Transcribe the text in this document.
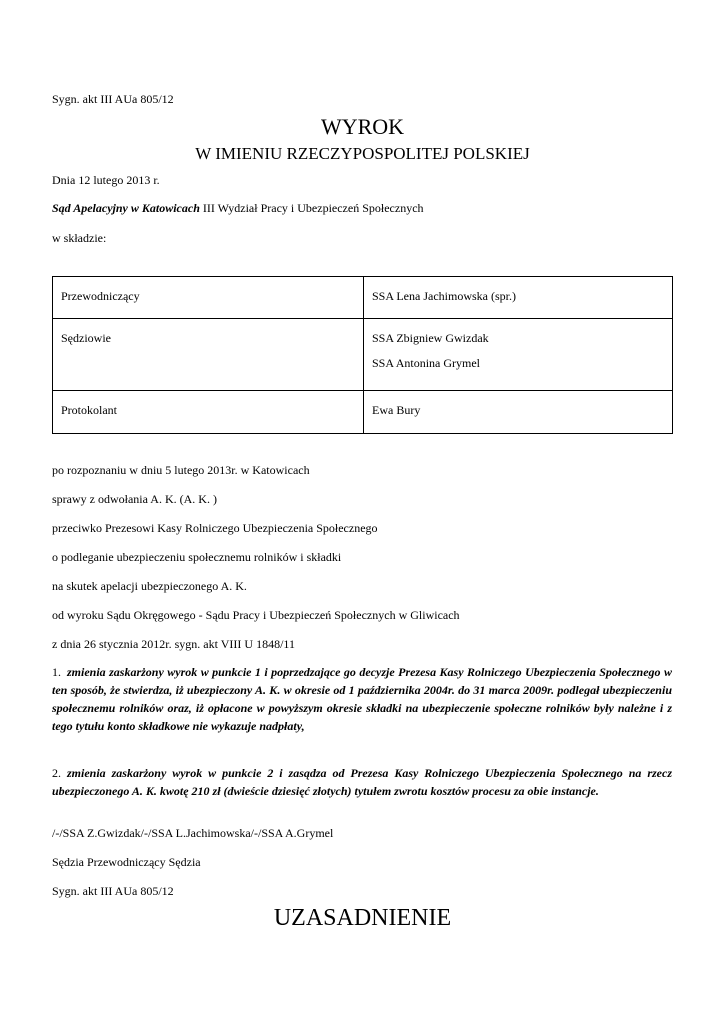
Sygn. akt III AUa 805/12
WYROK
W IMIENIU RZECZYPOSPOLITEJ POLSKIEJ
Dnia 12 lutego 2013 r.
Sąd Apelacyjny w Katowicach III Wydział Pracy i Ubezpieczeń Społecznych
w składzie:
Przewodniczący	SSA Lena Jachimowska (spr.)
Sędziowie	SSA Zbigniew Gwizdak
SSA Antonina Grymel

Protokolant	Ewa Bury
po rozpoznaniu w dniu 5 lutego 2013r. w Katowicach
sprawy z odwołania A. K. (A. K. )
przeciwko Prezesowi Kasy Rolniczego Ubezpieczenia Społecznego
o podleganie ubezpieczeniu społecznemu rolników i składki
na skutek apelacji ubezpieczonego A. K.
od wyroku Sądu Okręgowego - Sądu Pracy i Ubezpieczeń Społecznych w Gliwicach
z dnia 26 stycznia 2012r. sygn. akt VIII U 1848/11
1. zmienia zaskarżony wyrok w punkcie 1 i poprzedzające go decyzje Prezesa Kasy Rolniczego Ubezpieczenia Społecznego w ten sposób, że stwierdza, iż ubezpieczony A. K. w okresie od 1 października 2004r. do 31 marca 2009r. podlegał ubezpieczeniu społecznemu rolników oraz, iż opłacone w powyższym okresie składki na ubezpieczenie społeczne rolników były należne i z tego tytułu konto składkowe nie wykazuje nadpłaty,
2. zmienia zaskarżony wyrok w punkcie 2 i zasądza od Prezesa Kasy Rolniczego Ubezpieczenia Społecznego na rzecz ubezpieczonego A. K. kwotę 210 zł (dwieście dziesięć złotych) tytułem zwrotu kosztów procesu za obie instancje.
/-/SSA Z.Gwizdak/-/SSA L.Jachimowska/-/SSA A.Grymel
Sędzia Przewodniczący Sędzia
Sygn. akt III AUa 805/12
UZASADNIENIE
